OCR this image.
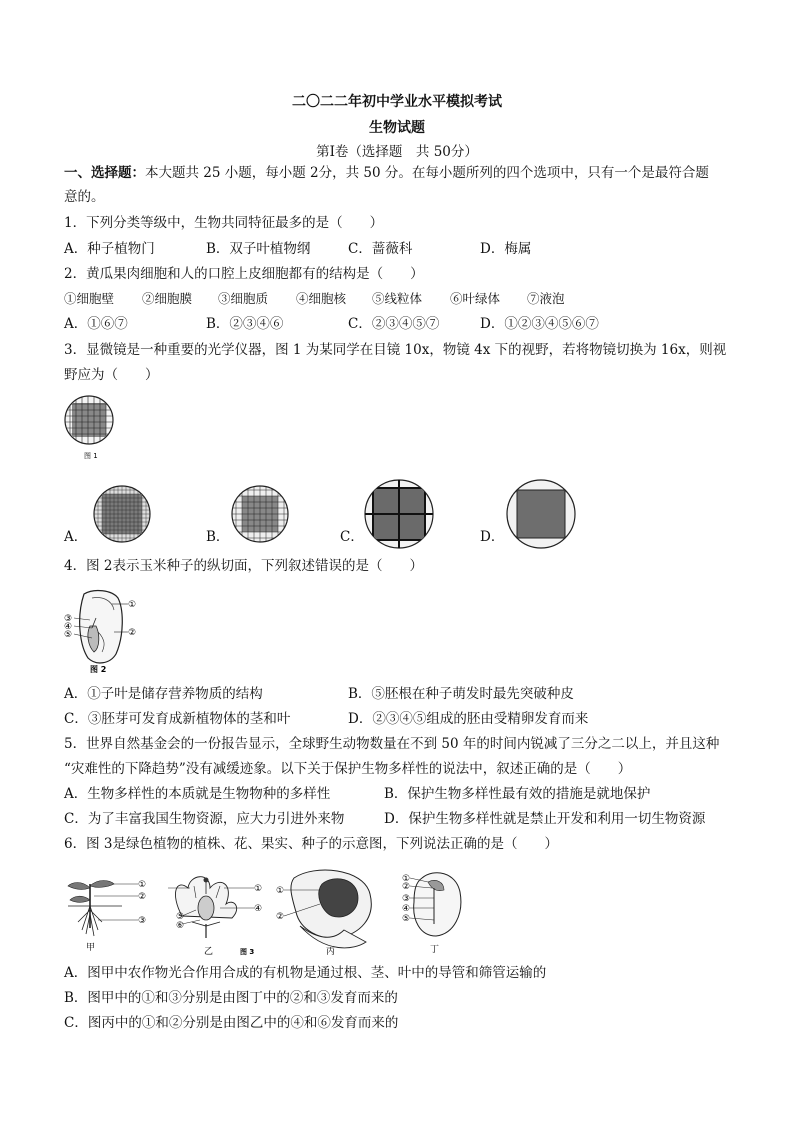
二〇二二年初中学业水平模拟考试
生物试题
第Ⅰ卷（选择题　共 50分）
一、选择题：本大题共 25 小题，每小题 2分，共 50 分。在每小题所列的四个选项中，只有一个是最符合题
意的。
1．下列分类等级中，生物共同特征最多的是（　　）
A．种子植物门	B．双子叶植物纲	C．蔷薇科	D．梅属
2．黄瓜果肉细胞和人的口腔上皮细胞都有的结构是（　　）
①细胞壁 ②细胞膜 ③细胞质 ④细胞核 ⑤线粒体 ⑥叶绿体 ⑦液泡
A．①⑥⑦	B．②③④⑥	C．②③④⑤⑦	D．①②③④⑤⑥⑦
3．显微镜是一种重要的光学仪器，图 1 为某同学在目镜 10x，物镜 4x 下的视野，若将物镜切换为 16x，则视
野应为（　　）
图 1
A．	B．	C．	D．
4．图 2表示玉米种子的纵切面，下列叙述错误的是（　　）
①
②
③
④
⑤
图 2
A．①子叶是储存营养物质的结构	B．⑤胚根在种子萌发时最先突破种皮
C．③胚芽可发育成新植物体的茎和叶	D．②③④⑤组成的胚由受精卵发育而来
5．世界自然基金会的一份报告显示，全球野生动物数量在不到 50 年的时间内锐减了三分之二以上，并且这种
“灾难性的下降趋势”没有减缓迹象。以下关于保护生物多样性的说法中，叙述正确的是（　　）
A．生物多样性的本质就是生物物种的多样性	B．保护生物多样性最有效的措施是就地保护
C．为了丰富我国生物资源，应大力引进外来物	D．保护生物多样性就是禁止开发和利用一切生物资源
6．图 3是绿色植物的植株、花、果实、种子的示意图，下列说法正确的是（　　）
①
②
③
甲
⑤
⑥
①
④
乙	图 3
①
②
丙
①
②
③
④
⑤
丁
A．图甲中农作物光合作用合成的有机物是通过根、茎、叶中的导管和筛管运输的
B．图甲中的①和③分别是由图丁中的②和③发育而来的
C．图丙中的①和②分别是由图乙中的④和⑥发育而来的
